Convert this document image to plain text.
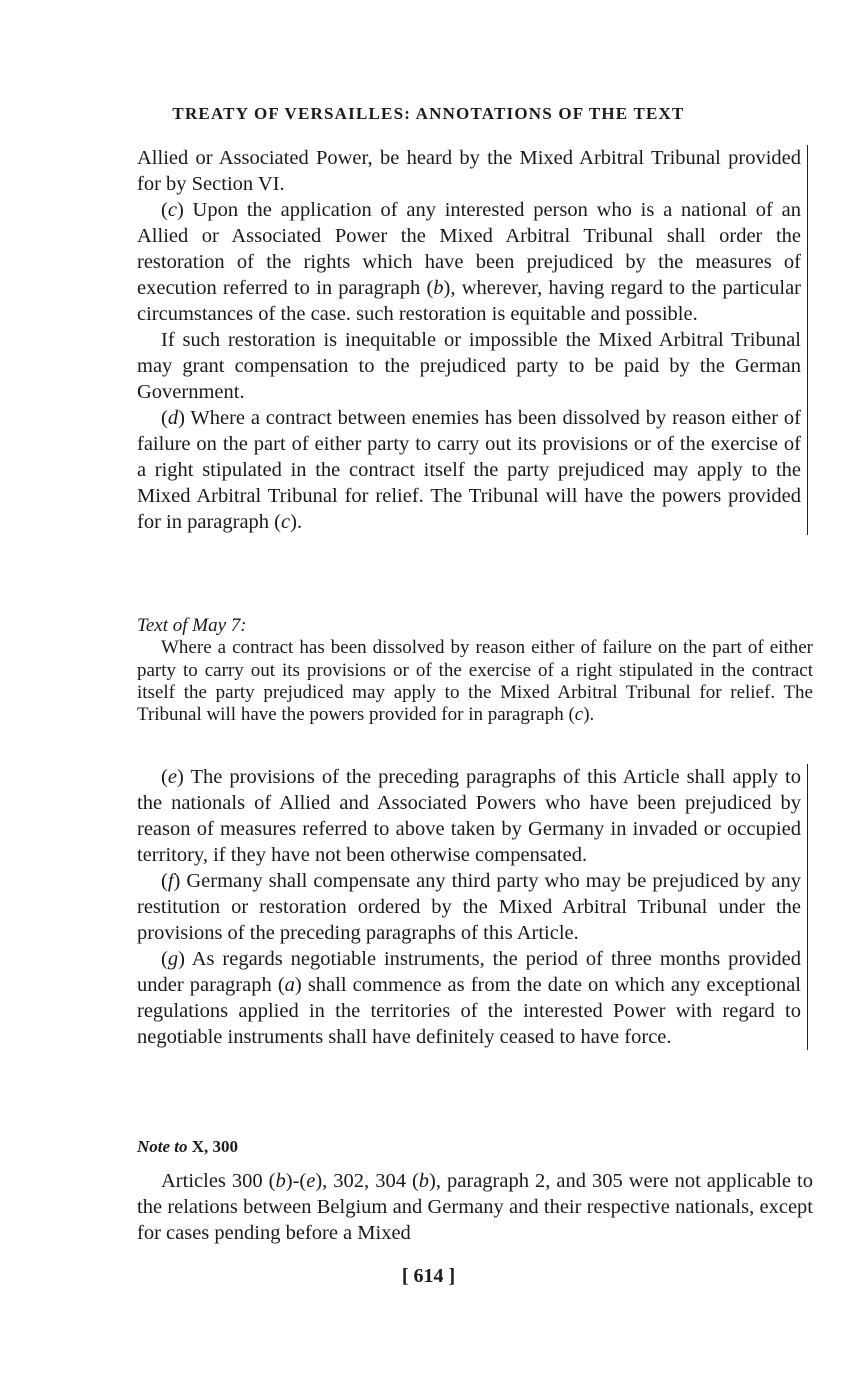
TREATY OF VERSAILLES: ANNOTATIONS OF THE TEXT

Allied or Associated Power, be heard by the Mixed Arbitral Tribunal provided for by Section VI.

(c) Upon the application of any interested person who is a national of an Allied or Associated Power the Mixed Arbitral Tribunal shall order the restoration of the rights which have been prejudiced by the measures of execution referred to in paragraph (b), wherever, having regard to the particular circumstances of the case. such restoration is equitable and possible.

If such restoration is inequitable or impossible the Mixed Arbitral Tribunal may grant compensation to the prejudiced party to be paid by the German Government.

(d) Where a contract between enemies has been dissolved by reason either of failure on the part of either party to carry out its provisions or of the exercise of a right stipulated in the contract itself the party prejudiced may apply to the Mixed Arbitral Tribunal for relief. The Tribunal will have the powers provided for in paragraph (c).

Text of May 7:

Where a contract has been dissolved by reason either of failure on the part of either party to carry out its provisions or of the exercise of a right stipulated in the contract itself the party prejudiced may apply to the Mixed Arbitral Tribunal for relief. The Tribunal will have the powers provided for in paragraph (c).

(e) The provisions of the preceding paragraphs of this Article shall apply to the nationals of Allied and Associated Powers who have been prejudiced by reason of measures referred to above taken by Germany in invaded or occupied territory, if they have not been otherwise compensated.

(f) Germany shall compensate any third party who may be prejudiced by any restitution or restoration ordered by the Mixed Arbitral Tribunal under the provisions of the preceding paragraphs of this Article.

(g) As regards negotiable instruments, the period of three months provided under paragraph (a) shall commence as from the date on which any exceptional regulations applied in the territories of the interested Power with regard to negotiable instruments shall have definitely ceased to have force.

Note to X, 300

Articles 300 (b)-(e), 302, 304 (b), paragraph 2, and 305 were not applicable to the relations between Belgium and Germany and their respective nationals, except for cases pending before a Mixed

[ 614 ]
